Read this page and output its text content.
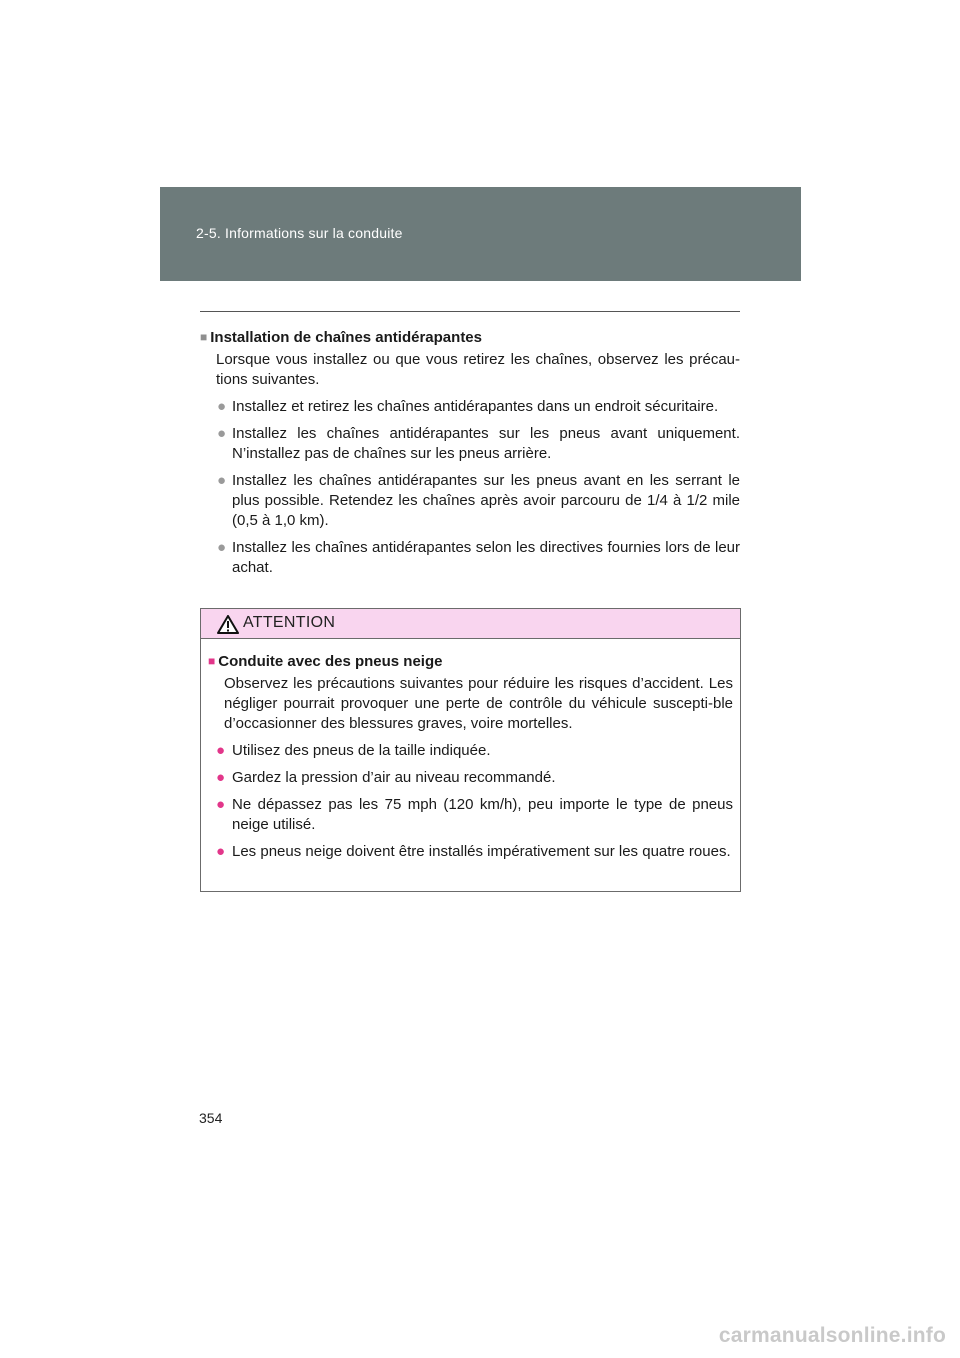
2-5. Informations sur la conduite
■ Installation de chaînes antidérapantes
Lorsque vous installez ou que vous retirez les chaînes, observez les précau-tions suivantes.
● Installez et retirez les chaînes antidérapantes dans un endroit sécuritaire.
● Installez les chaînes antidérapantes sur les pneus avant uniquement. N’installez pas de chaînes sur les pneus arrière.
● Installez les chaînes antidérapantes sur les pneus avant en les serrant le plus possible. Retendez les chaînes après avoir parcouru de 1/4 à 1/2 mile (0,5 à 1,0 km).
● Installez les chaînes antidérapantes selon les directives fournies lors de leur achat.
ATTENTION
■ Conduite avec des pneus neige
Observez les précautions suivantes pour réduire les risques d’accident. Les négliger pourrait provoquer une perte de contrôle du véhicule suscepti-ble d’occasionner des blessures graves, voire mortelles.
● Utilisez des pneus de la taille indiquée.
● Gardez la pression d’air au niveau recommandé.
● Ne dépassez pas les 75 mph (120 km/h), peu importe le type de pneus neige utilisé.
● Les pneus neige doivent être installés impérativement sur les quatre roues.
354
carmanualsonline.info
